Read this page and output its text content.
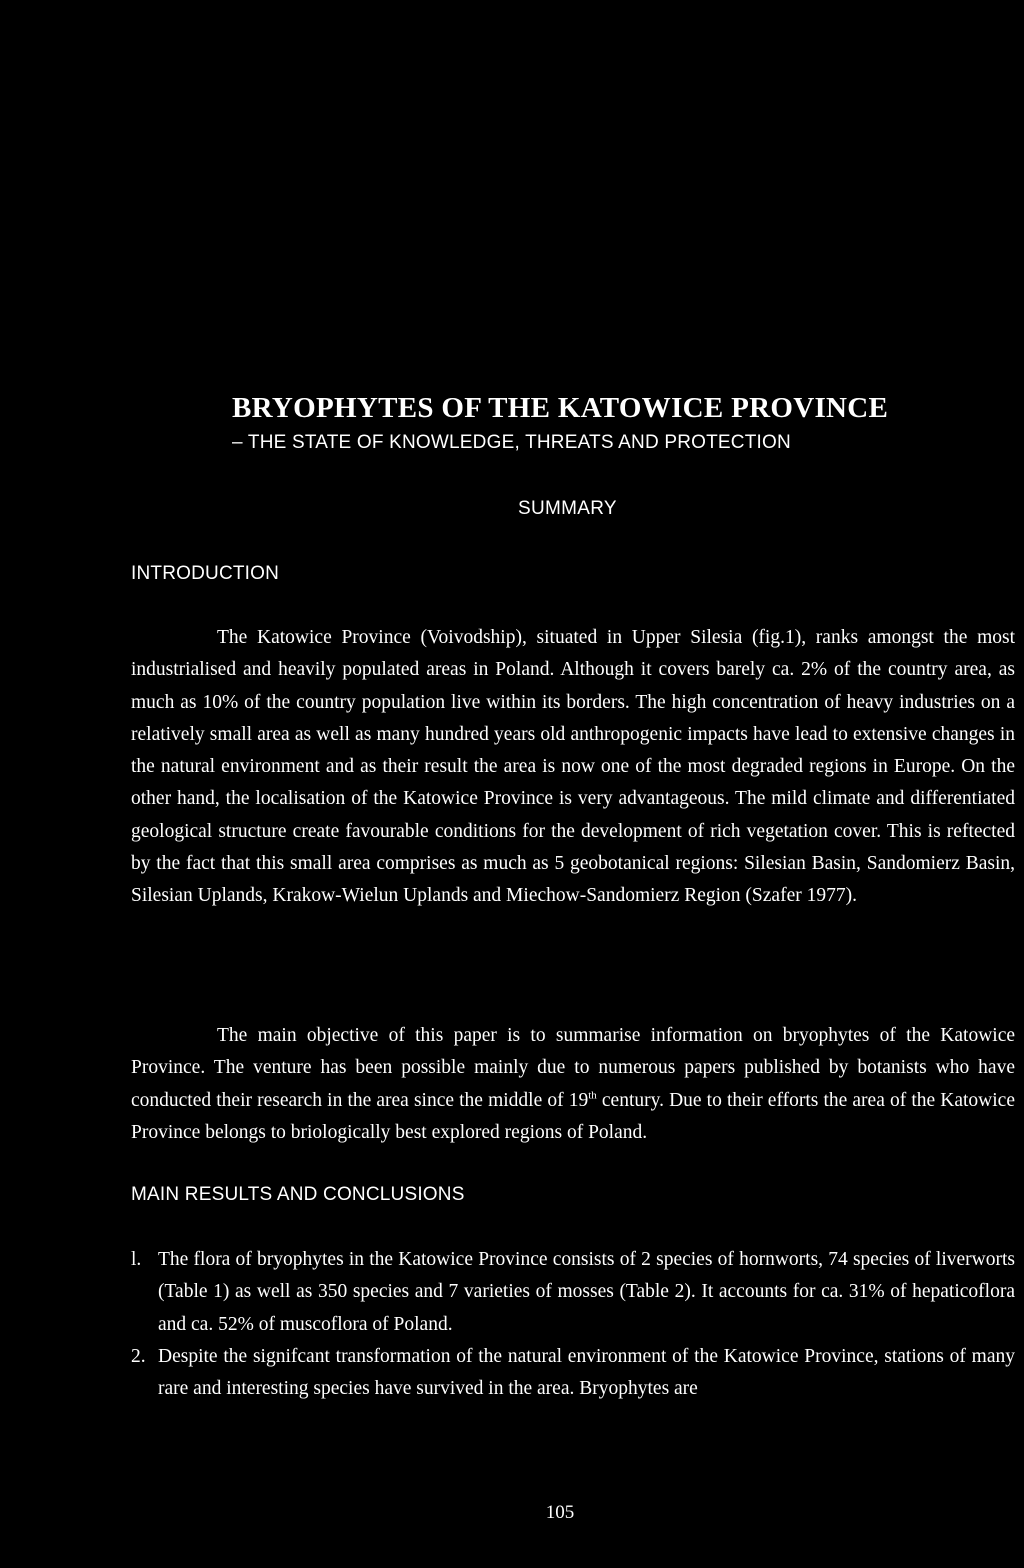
BRYOPHYTES OF THE KATOWICE PROVINCE
– THE STATE OF KNOWLEDGE, THREATS AND PROTECTION
SUMMARY
INTRODUCTION
The Katowice Province (Voivodship), situated in Upper Silesia (fig.1), ranks amongst the most industrialised and heavily populated areas in Poland. Although it covers barely ca. 2% of the country area, as much as 10% of the country population live within its borders. The high concentration of heavy industries on a relatively small area as well as many hundred years old anthropogenic impacts have lead to extensive changes in the natural environment and as their result the area is now one of the most degraded regions in Europe. On the other hand, the localisation of the Katowice Province is very advantageous. The mild climate and differentiated geological structure create favourable conditions for the development of rich vegetation cover. This is reftected by the fact that this small area comprises as much as 5 geobotanical regions: Silesian Basin, Sandomierz Basin, Silesian Uplands, Krakow-Wielun Uplands and Miechow-Sandomierz Region (Szafer 1977).
The main objective of this paper is to summarise information on bryophytes of the Katowice Province. The venture has been possible mainly due to numerous papers published by botanists who have conducted their research in the area since the middle of 19th century. Due to their efforts the area of the Katowice Province belongs to briologically best explored regions of Poland.
MAIN RESULTS AND CONCLUSIONS
l. The flora of bryophytes in the Katowice Province consists of 2 species of hornworts, 74 species of liverworts (Table 1) as well as 350 species and 7 varieties of mosses (Table 2). It accounts for ca. 31% of hepaticoflora and ca. 52% of muscoflora of Poland.
2. Despite the signifcant transformation of the natural environment of the Katowice Province, stations of many rare and interesting species have survived in the area. Bryophytes are
105
